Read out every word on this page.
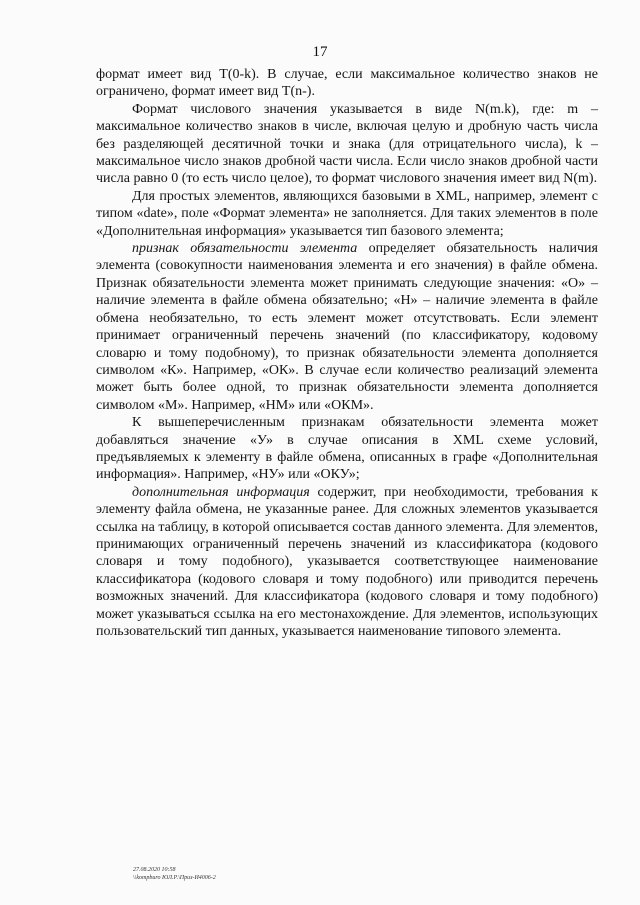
17

формат имеет вид T(0-k). В случае, если максимальное количество знаков не ограничено, формат имеет вид T(n-).

Формат числового значения указывается в виде N(m.k), где: m – максимальное количество знаков в числе, включая целую и дробную часть числа без разделяющей десятичной точки и знака (для отрицательного числа), k – максимальное число знаков дробной части числа. Если число знаков дробной части числа равно 0 (то есть число целое), то формат числового значения имеет вид N(m).

Для простых элементов, являющихся базовыми в XML, например, элемент с типом «date», поле «Формат элемента» не заполняется. Для таких элементов в поле «Дополнительная информация» указывается тип базового элемента;

признак обязательности элемента определяет обязательность наличия элемента (совокупности наименования элемента и его значения) в файле обмена. Признак обязательности элемента может принимать следующие значения: «О» – наличие элемента в файле обмена обязательно; «Н» – наличие элемента в файле обмена необязательно, то есть элемент может отсутствовать. Если элемент принимает ограниченный перечень значений (по классификатору, кодовому словарю и тому подобному), то признак обязательности элемента дополняется символом «К». Например, «ОК». В случае если количество реализаций элемента может быть более одной, то признак обязательности элемента дополняется символом «М». Например, «НМ» или «ОКМ».

К вышеперечисленным признакам обязательности элемента может добавляться значение «У» в случае описания в XML схеме условий, предъявляемых к элементу в файле обмена, описанных в графе «Дополнительная информация». Например, «НУ» или «ОКУ»;

дополнительная информация содержит, при необходимости, требования к элементу файла обмена, не указанные ранее. Для сложных элементов указывается ссылка на таблицу, в которой описывается состав данного элемента. Для элементов, принимающих ограниченный перечень значений из классификатора (кодового словаря и тому подобного), указывается соответствующее наименование классификатора (кодового словаря и тому подобного) или приводится перечень возможных значений. Для классификатора (кодового словаря и тому подобного) может указываться ссылка на его местонахождение. Для элементов, использующих пользовательский тип данных, указывается наименование типового элемента.

27.08.2020 10:58
\\kompburo ЮЛ.Р.\Приз-И4006-2
